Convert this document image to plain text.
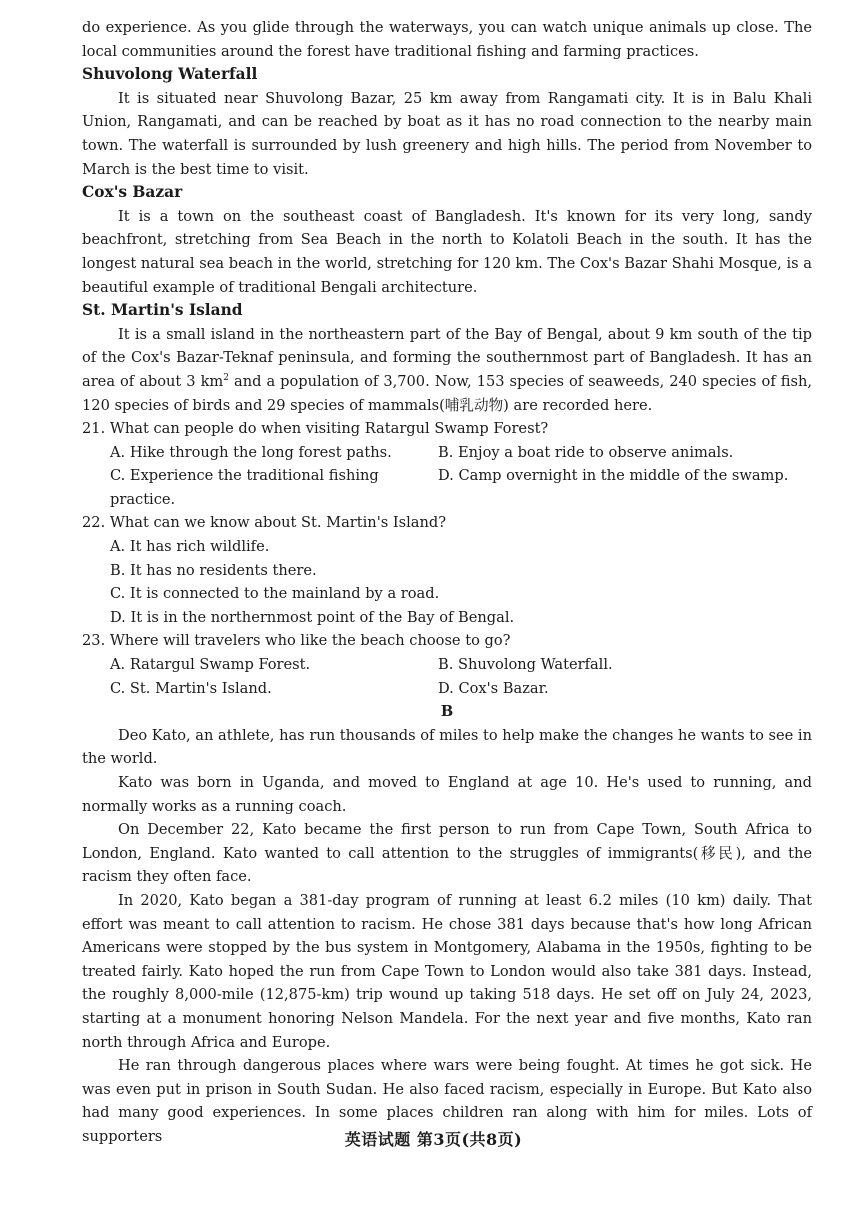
do experience. As you glide through the waterways, you can watch unique animals up close. The local communities around the forest have traditional fishing and farming practices.

Shuvolong Waterfall

It is situated near Shuvolong Bazar, 25 km away from Rangamati city. It is in Balu Khali Union, Rangamati, and can be reached by boat as it has no road connection to the nearby main town. The waterfall is surrounded by lush greenery and high hills. The period from November to March is the best time to visit.

Cox's Bazar

It is a town on the southeast coast of Bangladesh. It's known for its very long, sandy beachfront, stretching from Sea Beach in the north to Kolatoli Beach in the south. It has the longest natural sea beach in the world, stretching for 120 km. The Cox's Bazar Shahi Mosque, is a beautiful example of traditional Bengali architecture.

St. Martin's Island

It is a small island in the northeastern part of the Bay of Bengal, about 9 km south of the tip of the Cox's Bazar-Teknaf peninsula, and forming the southernmost part of Bangladesh. It has an area of about 3 $km^2$ and a population of 3,700. Now, 153 species of seaweeds, 240 species of fish, 120 species of birds and 29 species of mammals(哺乳动物) are recorded here.

21. What can people do when visiting Ratargul Swamp Forest?
A. Hike through the long forest paths.	B. Enjoy a boat ride to observe animals.
C. Experience the traditional fishing practice.
D. Camp overnight in the middle of the swamp.
22. What can we know about St. Martin's Island?
A. It has rich wildlife.
B. It has no residents there.
C. It is connected to the mainland by a road.
D. It is in the northernmost point of the Bay of Bengal.
23. Where will travelers who like the beach choose to go?
A. Ratargul Swamp Forest.	B. Shuvolong Waterfall.
C. St. Martin's Island.	D. Cox's Bazar.
B

Deo Kato, an athlete, has run thousands of miles to help make the changes he wants to see in the world.

Kato was born in Uganda, and moved to England at age 10. He's used to running, and normally works as a running coach.

On December 22, Kato became the first person to run from Cape Town, South Africa to London, England. Kato wanted to call attention to the struggles of immigrants(移民), and the racism they often face.

In 2020, Kato began a 381-day program of running at least 6.2 miles (10 km) daily. That effort was meant to call attention to racism. He chose 381 days because that's how long African Americans were stopped by the bus system in Montgomery, Alabama in the 1950s, fighting to be treated fairly. Kato hoped the run from Cape Town to London would also take 381 days. Instead, the roughly 8,000-mile (12,875-km) trip wound up taking 518 days. He set off on July 24, 2023, starting at a monument honoring Nelson Mandela. For the next year and five months, Kato ran north through Africa and Europe.

He ran through dangerous places where wars were being fought. At times he got sick. He was even put in prison in South Sudan. He also faced racism, especially in Europe. But Kato also had many good experiences. In some places children ran along with him for miles. Lots of supporters	英语试题 第3页(共8页)
